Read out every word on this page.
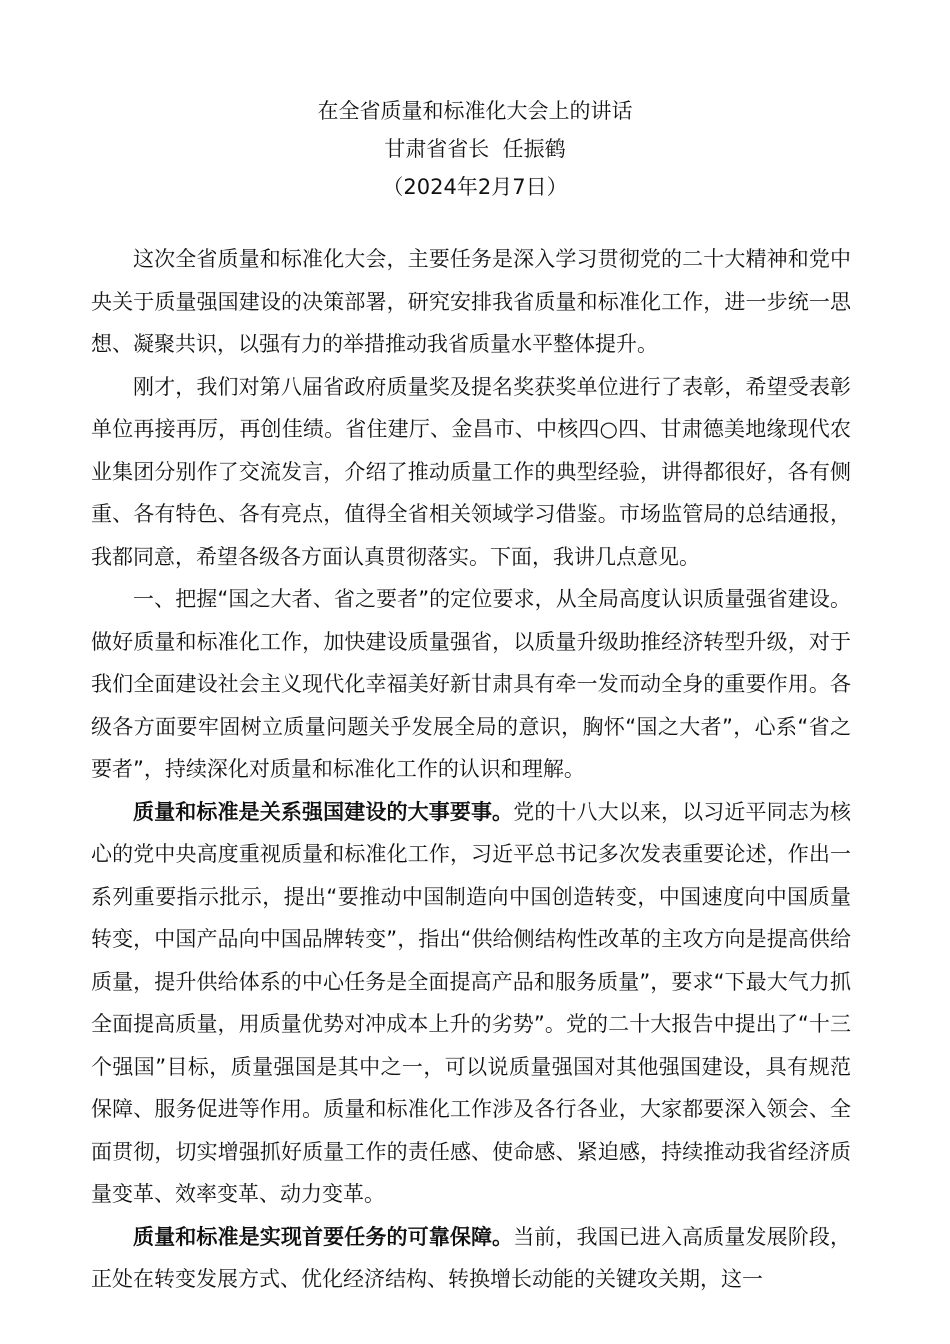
在全省质量和标准化大会上的讲话
甘肃省省长  任振鹤
（2024年2月7日）

这次全省质量和标准化大会，主要任务是深入学习贯彻党的二十大精神和党中央关于质量强国建设的决策部署，研究安排我省质量和标准化工作，进一步统一思想、凝聚共识，以强有力的举措推动我省质量水平整体提升。

刚才，我们对第八届省政府质量奖及提名奖获奖单位进行了表彰，希望受表彰单位再接再厉，再创佳绩。省住建厅、金昌市、中核四○四、甘肃德美地缘现代农业集团分别作了交流发言，介绍了推动质量工作的典型经验，讲得都很好，各有侧重、各有特色、各有亮点，值得全省相关领域学习借鉴。市场监管局的总结通报，我都同意，希望各级各方面认真贯彻落实。下面，我讲几点意见。

一、把握“国之大者、省之要者”的定位要求，从全局高度认识质量强省建设。做好质量和标准化工作，加快建设质量强省，以质量升级助推经济转型升级，对于我们全面建设社会主义现代化幸福美好新甘肃具有牵一发而动全身的重要作用。各级各方面要牢固树立质量问题关乎发展全局的意识，胸怀“国之大者”，心系“省之要者”，持续深化对质量和标准化工作的认识和理解。

质量和标准是关系强国建设的大事要事。党的十八大以来，以习近平同志为核心的党中央高度重视质量和标准化工作，习近平总书记多次发表重要论述，作出一系列重要指示批示，提出“要推动中国制造向中国创造转变，中国速度向中国质量转变，中国产品向中国品牌转变”，指出“供给侧结构性改革的主攻方向是提高供给质量，提升供给体系的中心任务是全面提高产品和服务质量”，要求“下最大气力抓全面提高质量，用质量优势对冲成本上升的劣势”。党的二十大报告中提出了“十三个强国”目标，质量强国是其中之一，可以说质量强国对其他强国建设，具有规范保障、服务促进等作用。质量和标准化工作涉及各行各业，大家都要深入领会、全面贯彻，切实增强抓好质量工作的责任感、使命感、紧迫感，持续推动我省经济质量变革、效率变革、动力变革。

质量和标准是实现首要任务的可靠保障。当前，我国已进入高质量发展阶段，正处在转变发展方式、优化经济结构、转换增长动能的关键攻关期，这一
